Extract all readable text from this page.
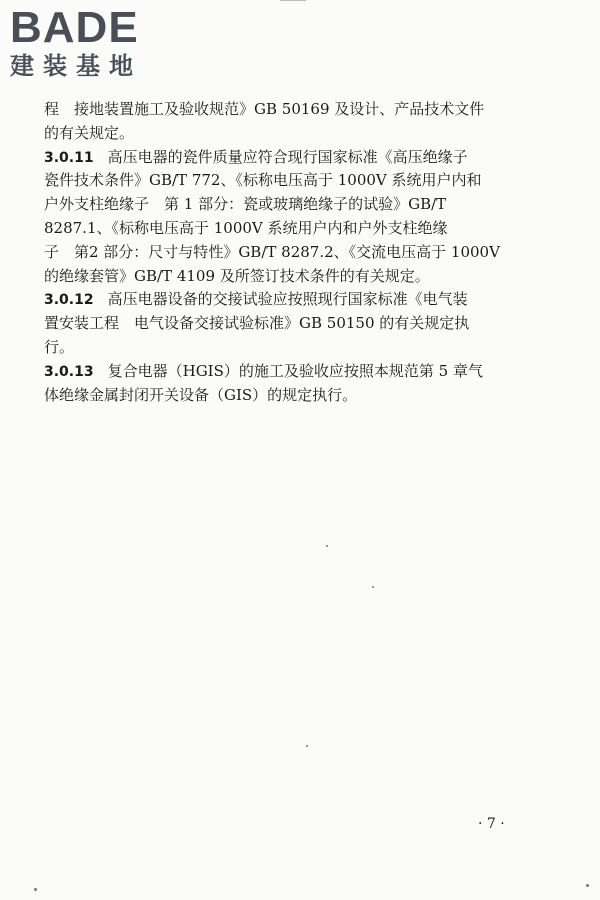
BADE
建装基地
程　接地装置施工及验收规范》GB 50169 及设计、产品技术文件
的有关规定。
3.0.11 高压电器的瓷件质量应符合现行国家标准《高压绝缘子
瓷件技术条件》GB/T 772、《标称电压高于 1000V 系统用户内和
户外支柱绝缘子　第 1 部分：瓷或玻璃绝缘子的试验》GB/T
8287.1、《标称电压高于 1000V 系统用户内和户外支柱绝缘
子　第2 部分：尺寸与特性》GB/T 8287.2、《交流电压高于 1000V
的绝缘套管》GB/T 4109 及所签订技术条件的有关规定。
3.0.12 高压电器设备的交接试验应按照现行国家标准《电气装
置安装工程　电气设备交接试验标准》GB 50150 的有关规定执
行。
3.0.13 复合电器（HGIS）的施工及验收应按照本规范第 5 章气
体绝缘金属封闭开关设备（GIS）的规定执行。
· 7 ·
